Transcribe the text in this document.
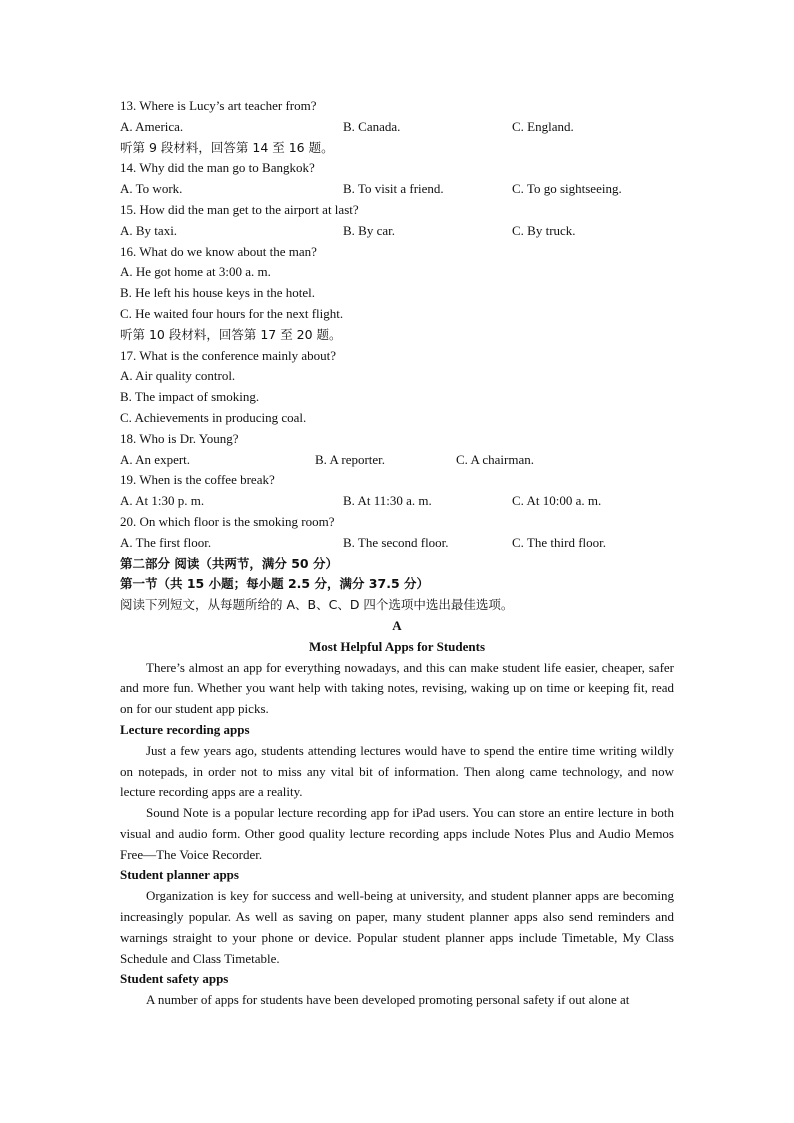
13. Where is Lucy’s art teacher from?
A. America.	B. Canada.	C. England.
听第 9 段材料，回答第 14 至 16 题。
14. Why did the man go to Bangkok?
A. To work.	B. To visit a friend.	C. To go sightseeing.
15. How did the man get to the airport at last?
A. By taxi.	B. By car.	C. By truck.
16. What do we know about the man?
A. He got home at 3:00 a. m.
B. He left his house keys in the hotel.
C. He waited four hours for the next flight.
听第 10 段材料，回答第 17 至 20 题。
17. What is the conference mainly about?
A. Air quality control.
B. The impact of smoking.
C. Achievements in producing coal.
18. Who is Dr. Young?
A. An expert.	B. A reporter.	C. A chairman.
19. When is the coffee break?
A. At 1:30 p. m.	B. At 11:30 a. m.	C. At 10:00 a. m.
20. On which floor is the smoking room?
A. The first floor.	B. The second floor.	C. The third floor.
第二部分 阅读（共两节，满分 50 分）
第一节（共 15 小题；每小题 2.5 分，满分 37.5 分）
阅读下列短文，从每题所给的 A、B、C、D 四个选项中选出最佳选项。
A
Most Helpful Apps for Students
There’s almost an app for everything nowadays, and this can make student life easier, cheaper, safer and more fun. Whether you want help with taking notes, revising, waking up on time or keeping fit, read on for our student app picks.
Lecture recording apps
Just a few years ago, students attending lectures would have to spend the entire time writing wildly on notepads, in order not to miss any vital bit of information. Then along came technology, and now lecture recording apps are a reality.
Sound Note is a popular lecture recording app for iPad users. You can store an entire lecture in both visual and audio form. Other good quality lecture recording apps include Notes Plus and Audio Memos Free—The Voice Recorder.
Student planner apps
Organization is key for success and well-being at university, and student planner apps are becoming increasingly popular. As well as saving on paper, many student planner apps also send reminders and warnings straight to your phone or device. Popular student planner apps include Timetable, My Class Schedule and Class Timetable.
Student safety apps
A number of apps for students have been developed promoting personal safety if out alone at
